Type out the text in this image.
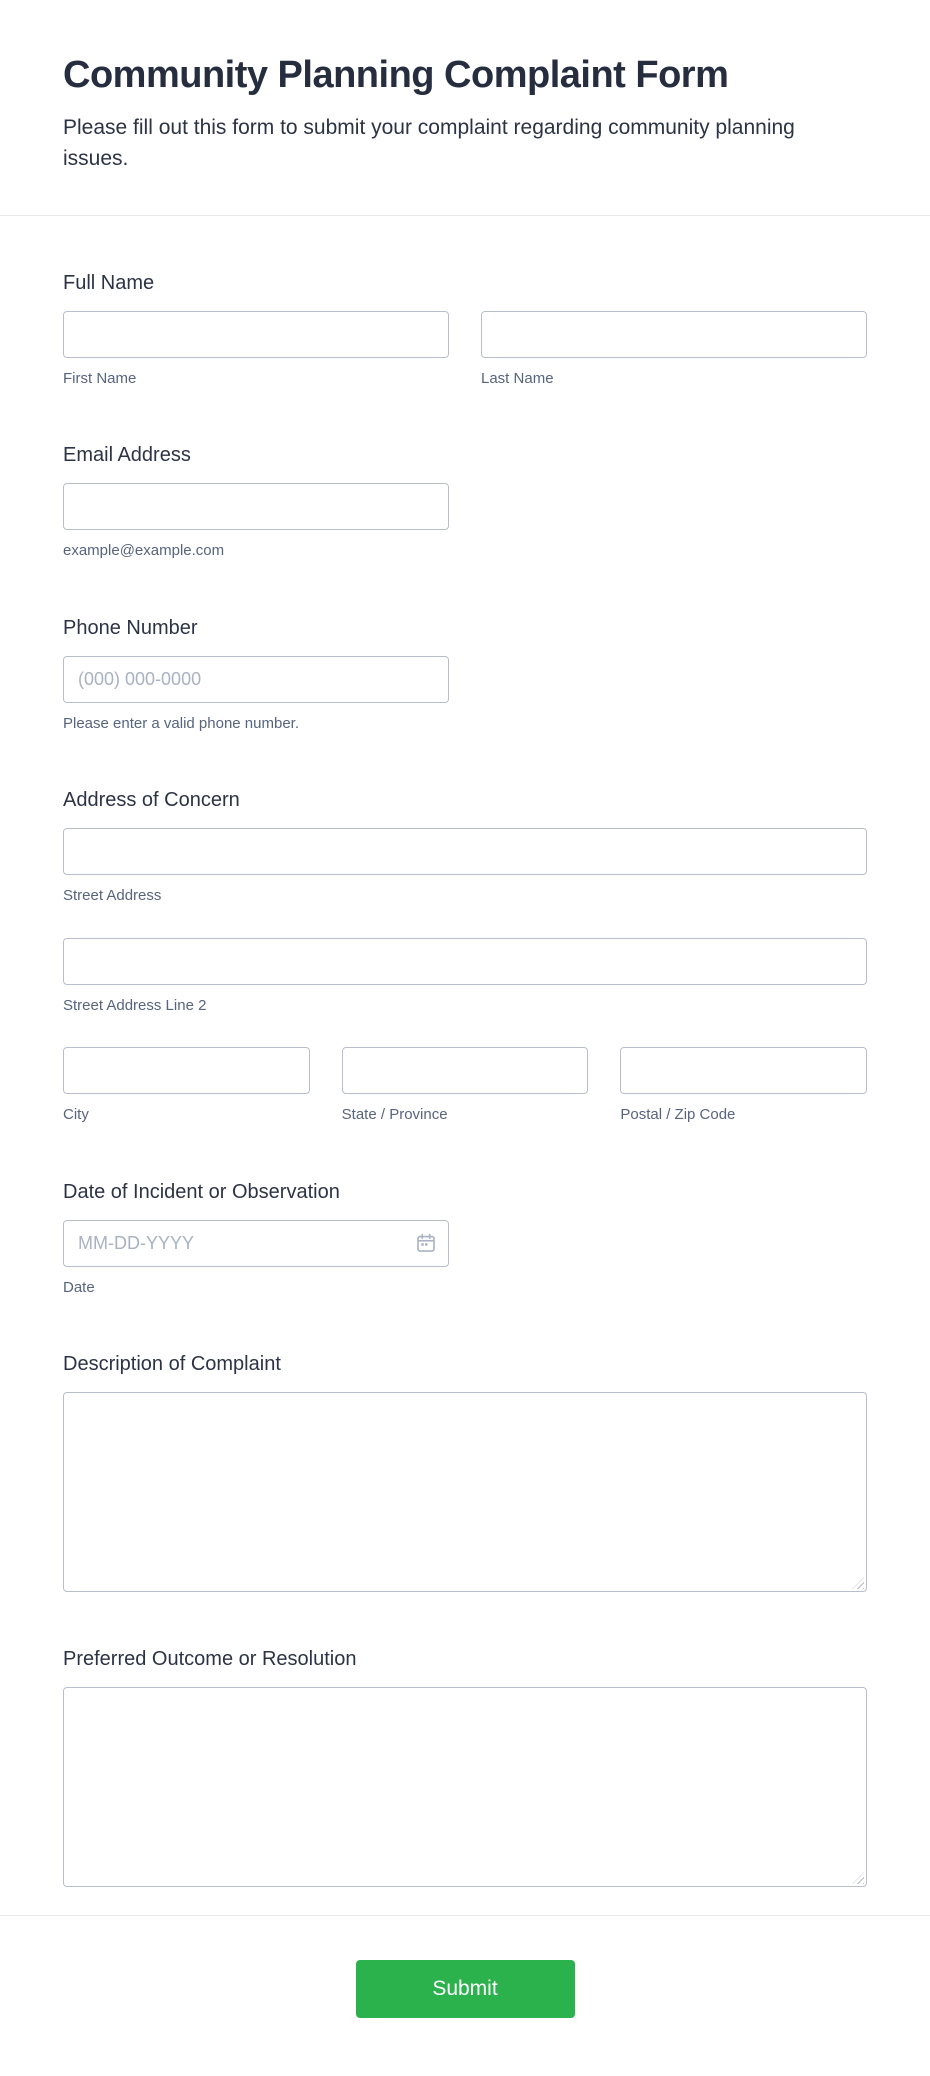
Community Planning Complaint Form

Please fill out this form to submit your complaint regarding community planning issues.

Full Name
First Name	Last Name
Email Address
example@example.com
Phone Number
(000) 000-0000
Please enter a valid phone number.
Address of Concern
Street Address
Street Address Line 2
City	State / Province	Postal / Zip Code
Date of Incident or Observation
MM-DD-YYYY
Date
Description of Complaint
Preferred Outcome or Resolution
Submit
